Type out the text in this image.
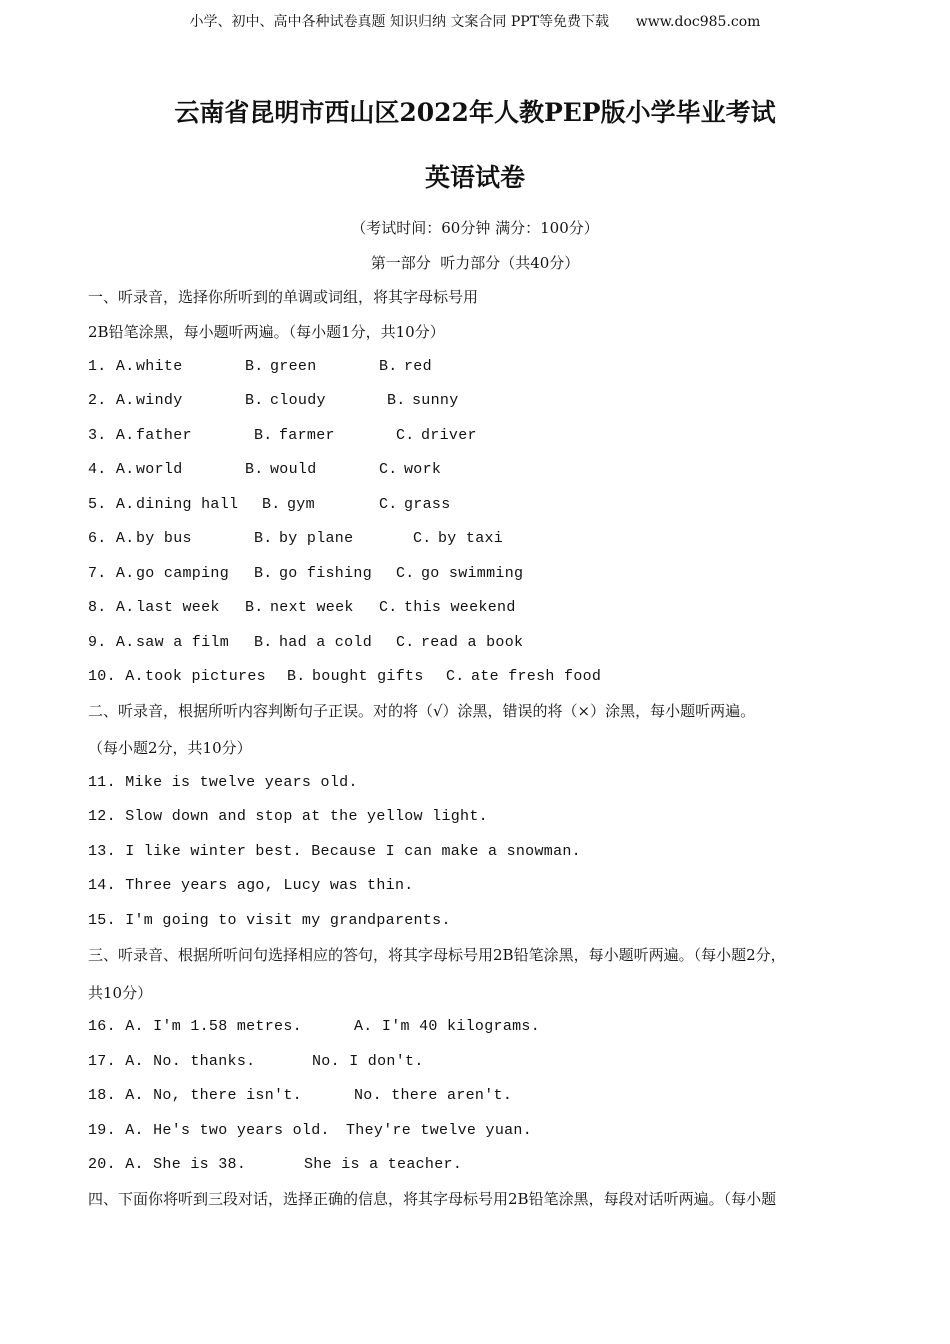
小学、初中、高中各种试卷真题 知识归纳 文案合同 PPT等免费下载      www.doc985.com
云南省昆明市西山区2022年人教PEP版小学毕业考试
英语试卷
（考试时间：60分钟 满分：100分）
第一部分  听力部分（共40分）
一、听录音，选择你所听到的单调或词组，将其字母标号用
2B铅笔涂黑，每小题听两遍。（每小题1分，共10分）
1. A. white	B. green	B. red
2. A. windy	B. cloudy	B. sunny
3. A. father	B. farmer	C. driver
4. A. world	B. would	C. work
5. A. dining hall B. gym	C. grass
6. A. by bus	B. by plane	C. by taxi
7. A. go camping B. go fishing C. go swimming
8. A. last week B. next week C. this weekend
9. A. saw a film B. had a cold C. read a book
10. A. took pictures B. bought gifts C. ate fresh food
二、听录音，根据所听内容判断句子正误。对的将（√）涂黑，错误的将（×）涂黑，每小题听两遍。
（每小题2分，共10分）
11. Mike is twelve years old.
12. Slow down and stop at the yellow light.
13. I like winter best. Because I can make a snowman.
14. Three years ago, Lucy was thin.
15. I'm going to visit my grandparents.
三、听录音、根据所听问句选择相应的答句，将其字母标号用2B铅笔涂黑，每小题听两遍。（每小题2分，
共10分）
16. A. I'm 1.58 metres.	A. I'm 40 kilograms.
17. A. No. thanks.	No. I don't.
18. A. No, there isn't.	No. there aren't.
19. A. He's two years old. They're twelve yuan.
20. A. She is 38.	She is a teacher.
四、下面你将听到三段对话，选择正确的信息，将其字母标号用2B铅笔涂黑，每段对话听两遍。（每小题
